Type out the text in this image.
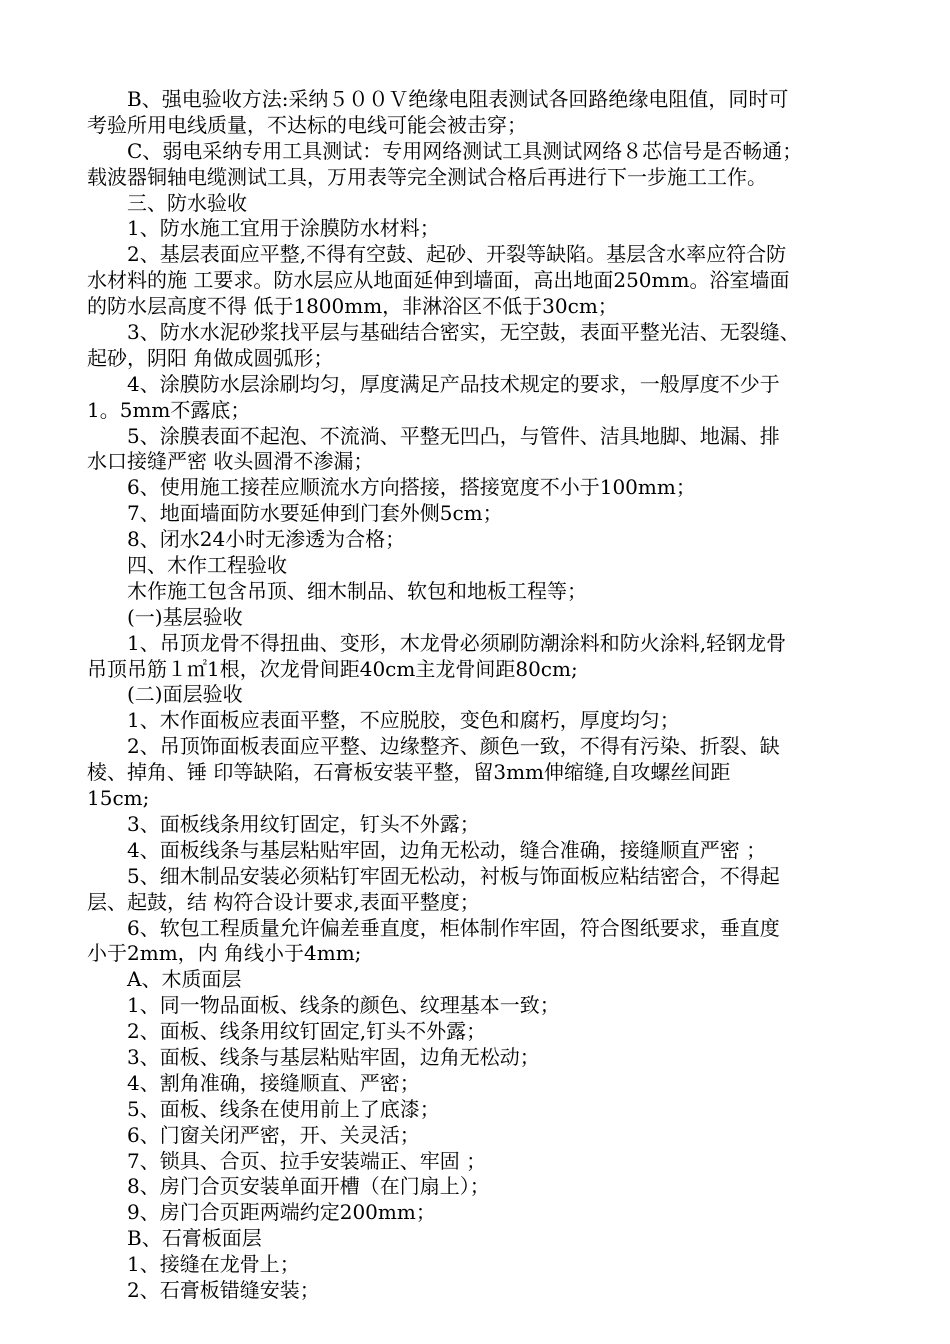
B、强电验收方法:采纳５００Ｖ绝缘电阻表测试各回路绝缘电阻值，同时可
考验所用电线质量，不达标的电线可能会被击穿；
C、弱电采纳专用工具测试：专用网络测试工具测试网络８芯信号是否畅通；
载波器铜轴电缆测试工具，万用表等完全测试合格后再进行下一步施工工作。
三、防水验收
1、防水施工宜用于涂膜防水材料；
2、基层表面应平整,不得有空鼓、起砂、开裂等缺陷。基层含水率应符合防
水材料的施 工要求。防水层应从地面延伸到墙面，高出地面250mm。浴室墙面
的防水层高度不得 低于1800mm，非淋浴区不低于30cm；
3、防水水泥砂浆找平层与基础结合密实，无空鼓，表面平整光洁、无裂缝、
起砂，阴阳 角做成圆弧形；
4、涂膜防水层涂刷均匀，厚度满足产品技术规定的要求，一般厚度不少于
1。5mm不露底；
5、涂膜表面不起泡、不流淌、平整无凹凸，与管件、洁具地脚、地漏、排
水口接缝严密 收头圆滑不渗漏；
6、使用施工接茬应顺流水方向搭接，搭接宽度不小于100mm；
7、地面墙面防水要延伸到门套外侧5cm；
8、闭水24小时无渗透为合格；
四、木作工程验收
木作施工包含吊顶、细木制品、软包和地板工程等；
(一)基层验收
1、吊顶龙骨不得扭曲、变形，木龙骨必须刷防潮涂料和防火涂料,轻钢龙骨
吊顶吊筋１㎡1根，次龙骨间距40cm主龙骨间距80cm;
(二)面层验收
1、木作面板应表面平整，不应脱胶，变色和腐朽，厚度均匀；
2、吊顶饰面板表面应平整、边缘整齐、颜色一致，不得有污染、折裂、缺
棱、掉角、锤 印等缺陷，石膏板安装平整，留3mm伸缩缝,自攻螺丝间距
15cm;
3、面板线条用纹钉固定，钉头不外露；
4、面板线条与基层粘贴牢固，边角无松动，缝合准确，接缝顺直严密 ；
5、细木制品安装必须粘钉牢固无松动，衬板与饰面板应粘结密合，不得起
层、起鼓，结 构符合设计要求,表面平整度；
6、软包工程质量允许偏差垂直度，柜体制作牢固，符合图纸要求，垂直度
小于2mm，内 角线小于4mm;
A、木质面层
1、同一物品面板、线条的颜色、纹理基本一致；
2、面板、线条用纹钉固定,钉头不外露；
3、面板、线条与基层粘贴牢固，边角无松动；
4、割角准确，接缝顺直、严密；
5、面板、线条在使用前上了底漆；
6、门窗关闭严密，开、关灵活；
7、锁具、合页、拉手安装端正、牢固 ；
8、房门合页安装单面开槽（在门扇上）；
9、房门合页距两端约定200mm；
B、石膏板面层
1、接缝在龙骨上；
2、石膏板错缝安装；
